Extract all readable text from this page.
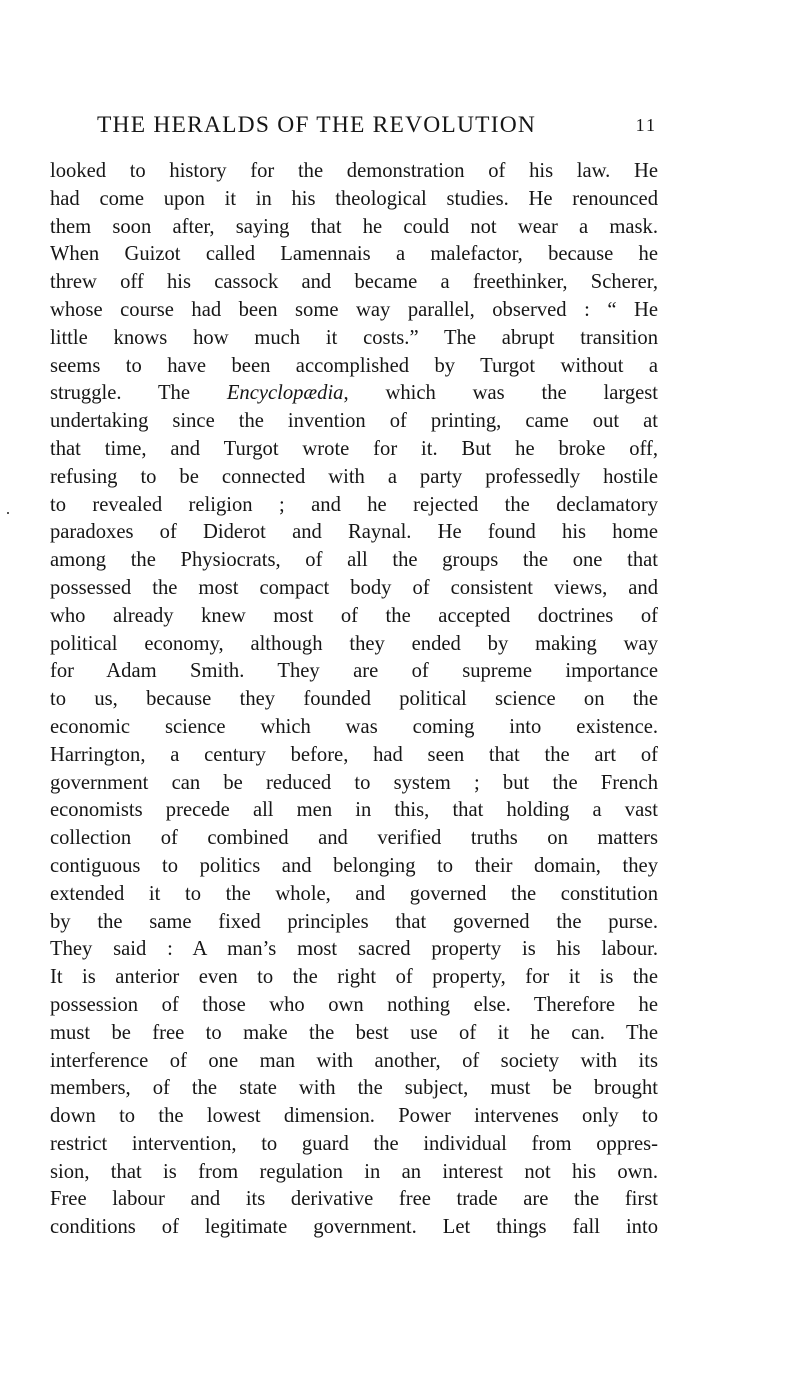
THE HERALDS OF THE REVOLUTION	11
looked to history for the demonstration of his law. He
had come upon it in his theological studies. He renounced
them soon after, saying that he could not wear a mask.
When Guizot called Lamennais a malefactor, because he
threw off his cassock and became a freethinker, Scherer,
whose course had been some way parallel, observed : “ He
little knows how much it costs.” The abrupt transition
seems to have been accomplished by Turgot without a
struggle. The Encyclopædia, which was the largest
undertaking since the invention of printing, came out at
that time, and Turgot wrote for it. But he broke off,
refusing to be connected with a party professedly hostile
to revealed religion ; and he rejected the declamatory
paradoxes of Diderot and Raynal. He found his home
among the Physiocrats, of all the groups the one that
possessed the most compact body of consistent views, and
who already knew most of the accepted doctrines of
political economy, although they ended by making way
for Adam Smith. They are of supreme importance
to us, because they founded political science on the
economic science which was coming into existence.
Harrington, a century before, had seen that the art of
government can be reduced to system ; but the French
economists precede all men in this, that holding a vast
collection of combined and verified truths on matters
contiguous to politics and belonging to their domain, they
extended it to the whole, and governed the constitution
by the same fixed principles that governed the purse.
They said : A man’s most sacred property is his labour.
It is anterior even to the right of property, for it is the
possession of those who own nothing else. Therefore he
must be free to make the best use of it he can. The
interference of one man with another, of society with its
members, of the state with the subject, must be brought
down to the lowest dimension. Power intervenes only to
restrict intervention, to guard the individual from oppres-
sion, that is from regulation in an interest not his own.
Free labour and its derivative free trade are the first
conditions of legitimate government. Let things fall into
